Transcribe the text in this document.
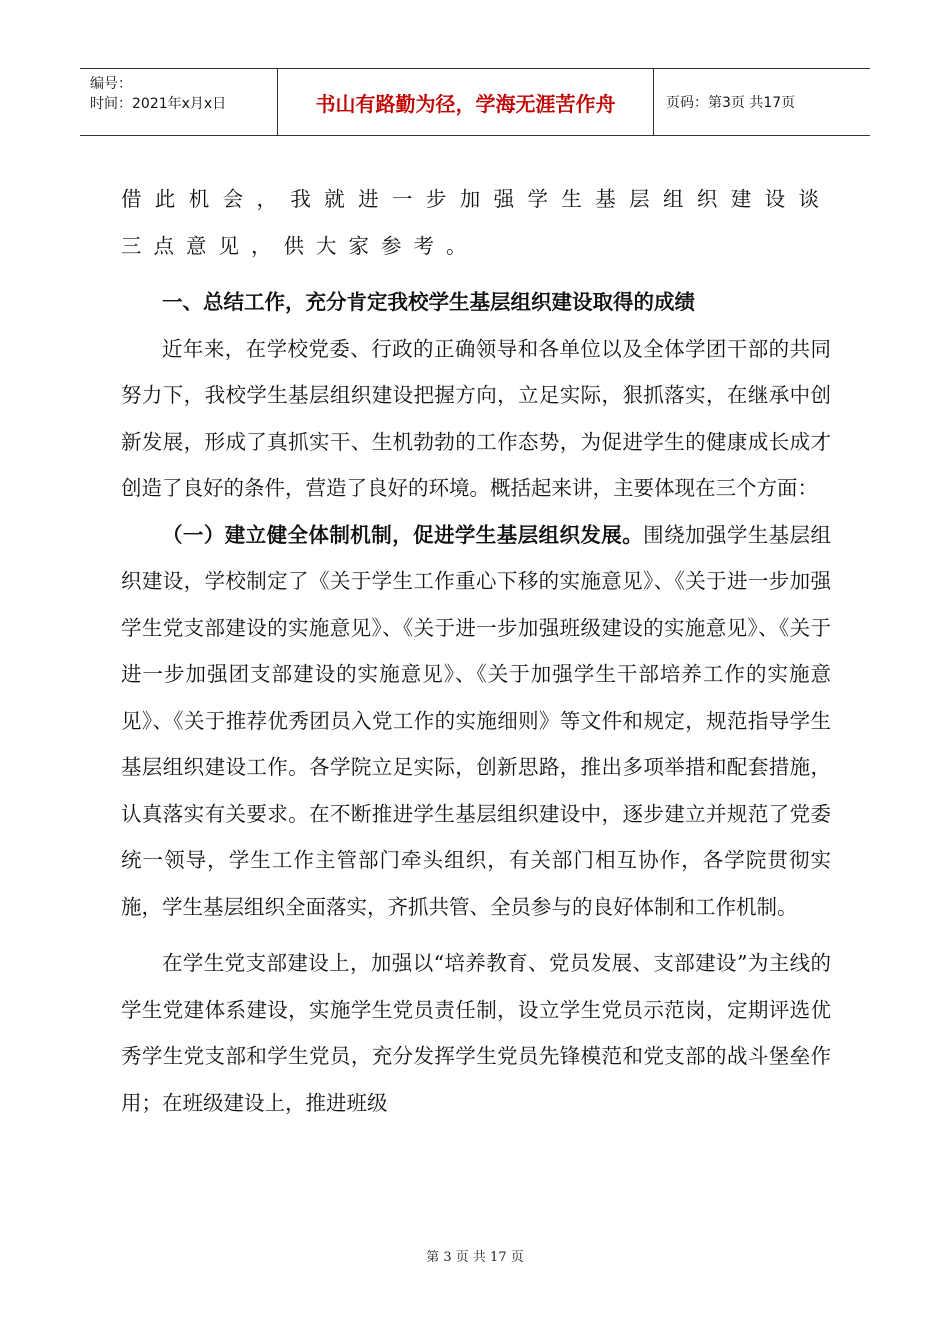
编号：
时间：2021年x月x日	书山有路勤为径，学海无涯苦作舟	页码：第3页 共17页

借此机会，我就进一步加强学生基层组织建设谈三点意见，供大家参考。

一、总结工作，充分肯定我校学生基层组织建设取得的成绩

近年来，在学校党委、行政的正确领导和各单位以及全体学团干部的共同努力下，我校学生基层组织建设把握方向，立足实际，狠抓落实，在继承中创新发展，形成了真抓实干、生机勃勃的工作态势，为促进学生的健康成长成才创造了良好的条件，营造了良好的环境。概括起来讲，主要体现在三个方面：

（一）建立健全体制机制，促进学生基层组织发展。围绕加强学生基层组织建设，学校制定了《关于学生工作重心下移的实施意见》、《关于进一步加强学生党支部建设的实施意见》、《关于进一步加强班级建设的实施意见》、《关于进一步加强团支部建设的实施意见》、《关于加强学生干部培养工作的实施意见》、《关于推荐优秀团员入党工作的实施细则》等文件和规定，规范指导学生基层组织建设工作。各学院立足实际，创新思路，推出多项举措和配套措施，认真落实有关要求。在不断推进学生基层组织建设中，逐步建立并规范了党委统一领导，学生工作主管部门牵头组织，有关部门相互协作，各学院贯彻实施，学生基层组织全面落实，齐抓共管、全员参与的良好体制和工作机制。

在学生党支部建设上，加强以“培养教育、党员发展、支部建设”为主线的学生党建体系建设，实施学生党员责任制，设立学生党员示范岗，定期评选优秀学生党支部和学生党员，充分发挥学生党员先锋模范和党支部的战斗堡垒作用；在班级建设上，推进班级

第 3 页 共 17 页
